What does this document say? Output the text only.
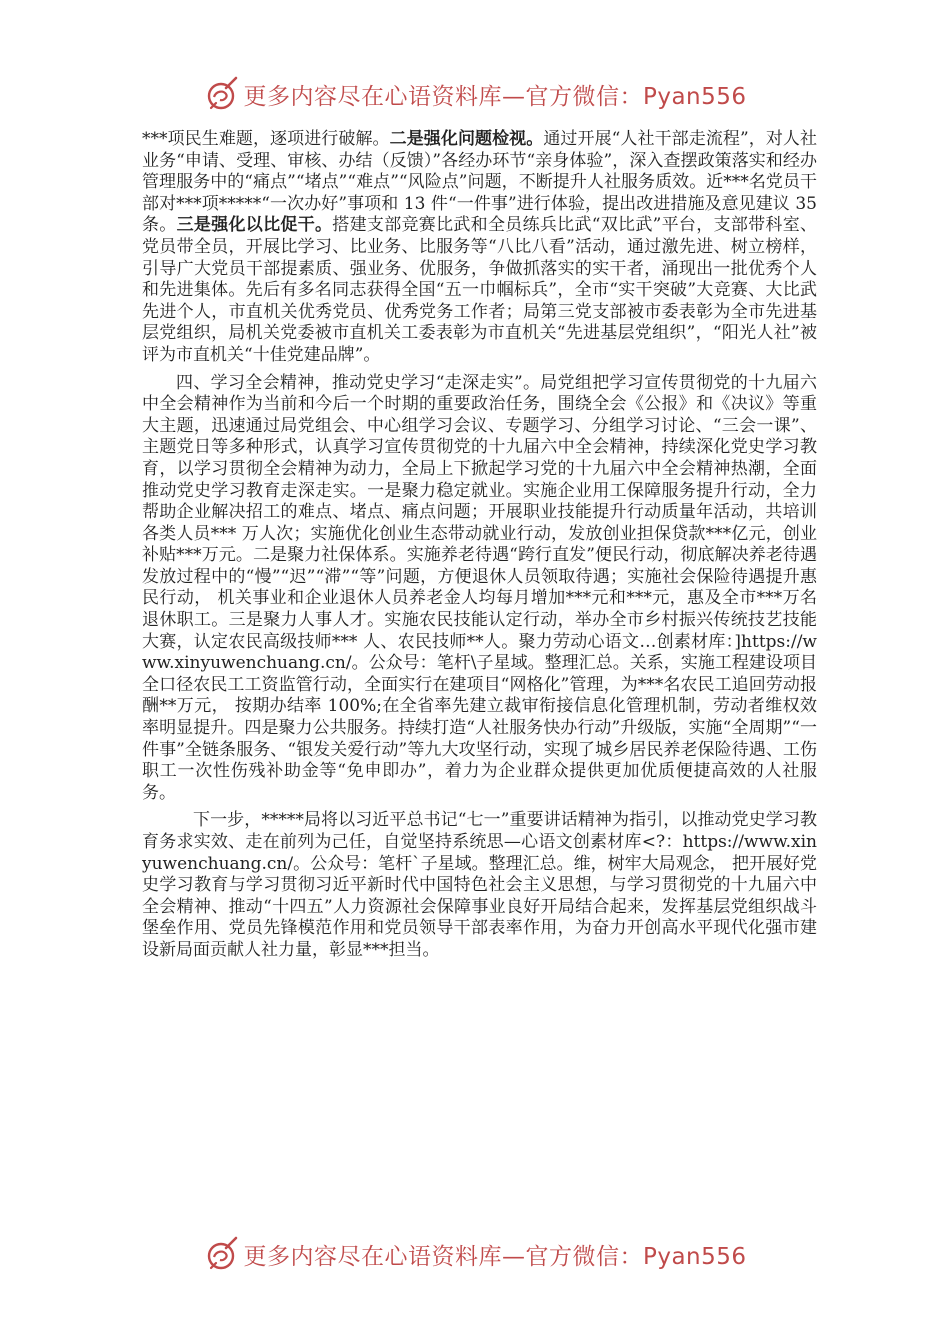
更多内容尽在心语资料库—官方微信：Pyan556

***项民生难题，逐项进行破解。二是强化问题检视。通过开展“人社干部走流程”，对人社业务“申请、受理、审核、办结（反馈）”各经办环节“亲身体验”，深入查摆政策落实和经办管理服务中的“痛点”“堵点”“难点”“风险点”问题，不断提升人社服务质效。近***名党员干部对***项*****“一次办好”事项和 13 件“一件事”进行体验，提出改进措施及意见建议 35 条。三是强化以比促干。搭建支部竞赛比武和全员练兵比武“双比武”平台，支部带科室、党员带全员，开展比学习、比业务、比服务等“八比八看”活动，通过激先进、树立榜样，引导广大党员干部提素质、强业务、优服务，争做抓落实的实干者，涌现出一批优秀个人和先进集体。先后有多名同志获得全国“五一巾帼标兵”，全市“实干突破”大竞赛、大比武先进个人，市直机关优秀党员、优秀党务工作者；局第三党支部被市委表彰为全市先进基层党组织，局机关党委被市直机关工委表彰为市直机关“先进基层党组织”，“阳光人社”被评为市直机关“十佳党建品牌”。

四、学习全会精神，推动党史学习“走深走实”。局党组把学习宣传贯彻党的十九届六中全会精神作为当前和今后一个时期的重要政治任务，围绕全会《公报》和《决议》等重大主题，迅速通过局党组会、中心组学习会议、专题学习、分组学习讨论、“三会一课”、主题党日等多种形式，认真学习宣传贯彻党的十九届六中全会精神，持续深化党史学习教育，以学习贯彻全会精神为动力，全局上下掀起学习党的十九届六中全会精神热潮，全面推动党史学习教育走深走实。一是聚力稳定就业。实施企业用工保障服务提升行动，全力帮助企业解决招工的难点、堵点、痛点问题；开展职业技能提升行动质量年活动，共培训各类人员*** 万人次；实施优化创业生态带动就业行动，发放创业担保贷款***亿元，创业补贴***万元。二是聚力社保体系。实施养老待遇“跨行直发”便民行动，彻底解决养老待遇发放过程中的“慢”“迟”“滞”“等”问题，方便退休人员领取待遇；实施社会保险待遇提升惠民行动， 机关事业和企业退休人员养老金人均每月增加***元和***元，惠及全市***万名退休职工。三是聚力人事人才。实施农民技能认定行动，举办全市乡村振兴传统技艺技能大赛，认定农民高级技师*** 人、农民技师**人。聚力劳动心语文…创素材库：]https://www.xinyuwenchuang.cn/。公众号：笔杆\子星域。整理汇总。关系，实施工程建设项目全口径农民工工资监管行动，全面实行在建项目“网格化”管理，为***名农民工追回劳动报酬**万元， 按期办结率 100%;在全省率先建立裁审衔接信息化管理机制，劳动者维权效率明显提升。四是聚力公共服务。持续打造“人社服务快办行动”升级版，实施“全周期”“一件事”全链条服务、“银发关爱行动”等九大攻坚行动，实现了城乡居民养老保险待遇、工伤职工一次性伤残补助金等“免申即办”，着力为企业群众提供更加优质便捷高效的人社服务。

下一步，*****局将以习近平总书记“七一”重要讲话精神为指引，以推动党史学习教育务求实效、走在前列为己任，自觉坚持系统思—心语文创素材库<?：https://www.xinyuwenchuang.cn/。公众号：笔杆`子星域。整理汇总。维，树牢大局观念， 把开展好党史学习教育与学习贯彻习近平新时代中国特色社会主义思想，与学习贯彻党的十九届六中全会精神、推动“十四五”人力资源社会保障事业良好开局结合起来，发挥基层党组织战斗堡垒作用、党员先锋模范作用和党员领导干部表率作用，为奋力开创高水平现代化强市建设新局面贡献人社力量，彰显***担当。

更多内容尽在心语资料库—官方微信：Pyan556
